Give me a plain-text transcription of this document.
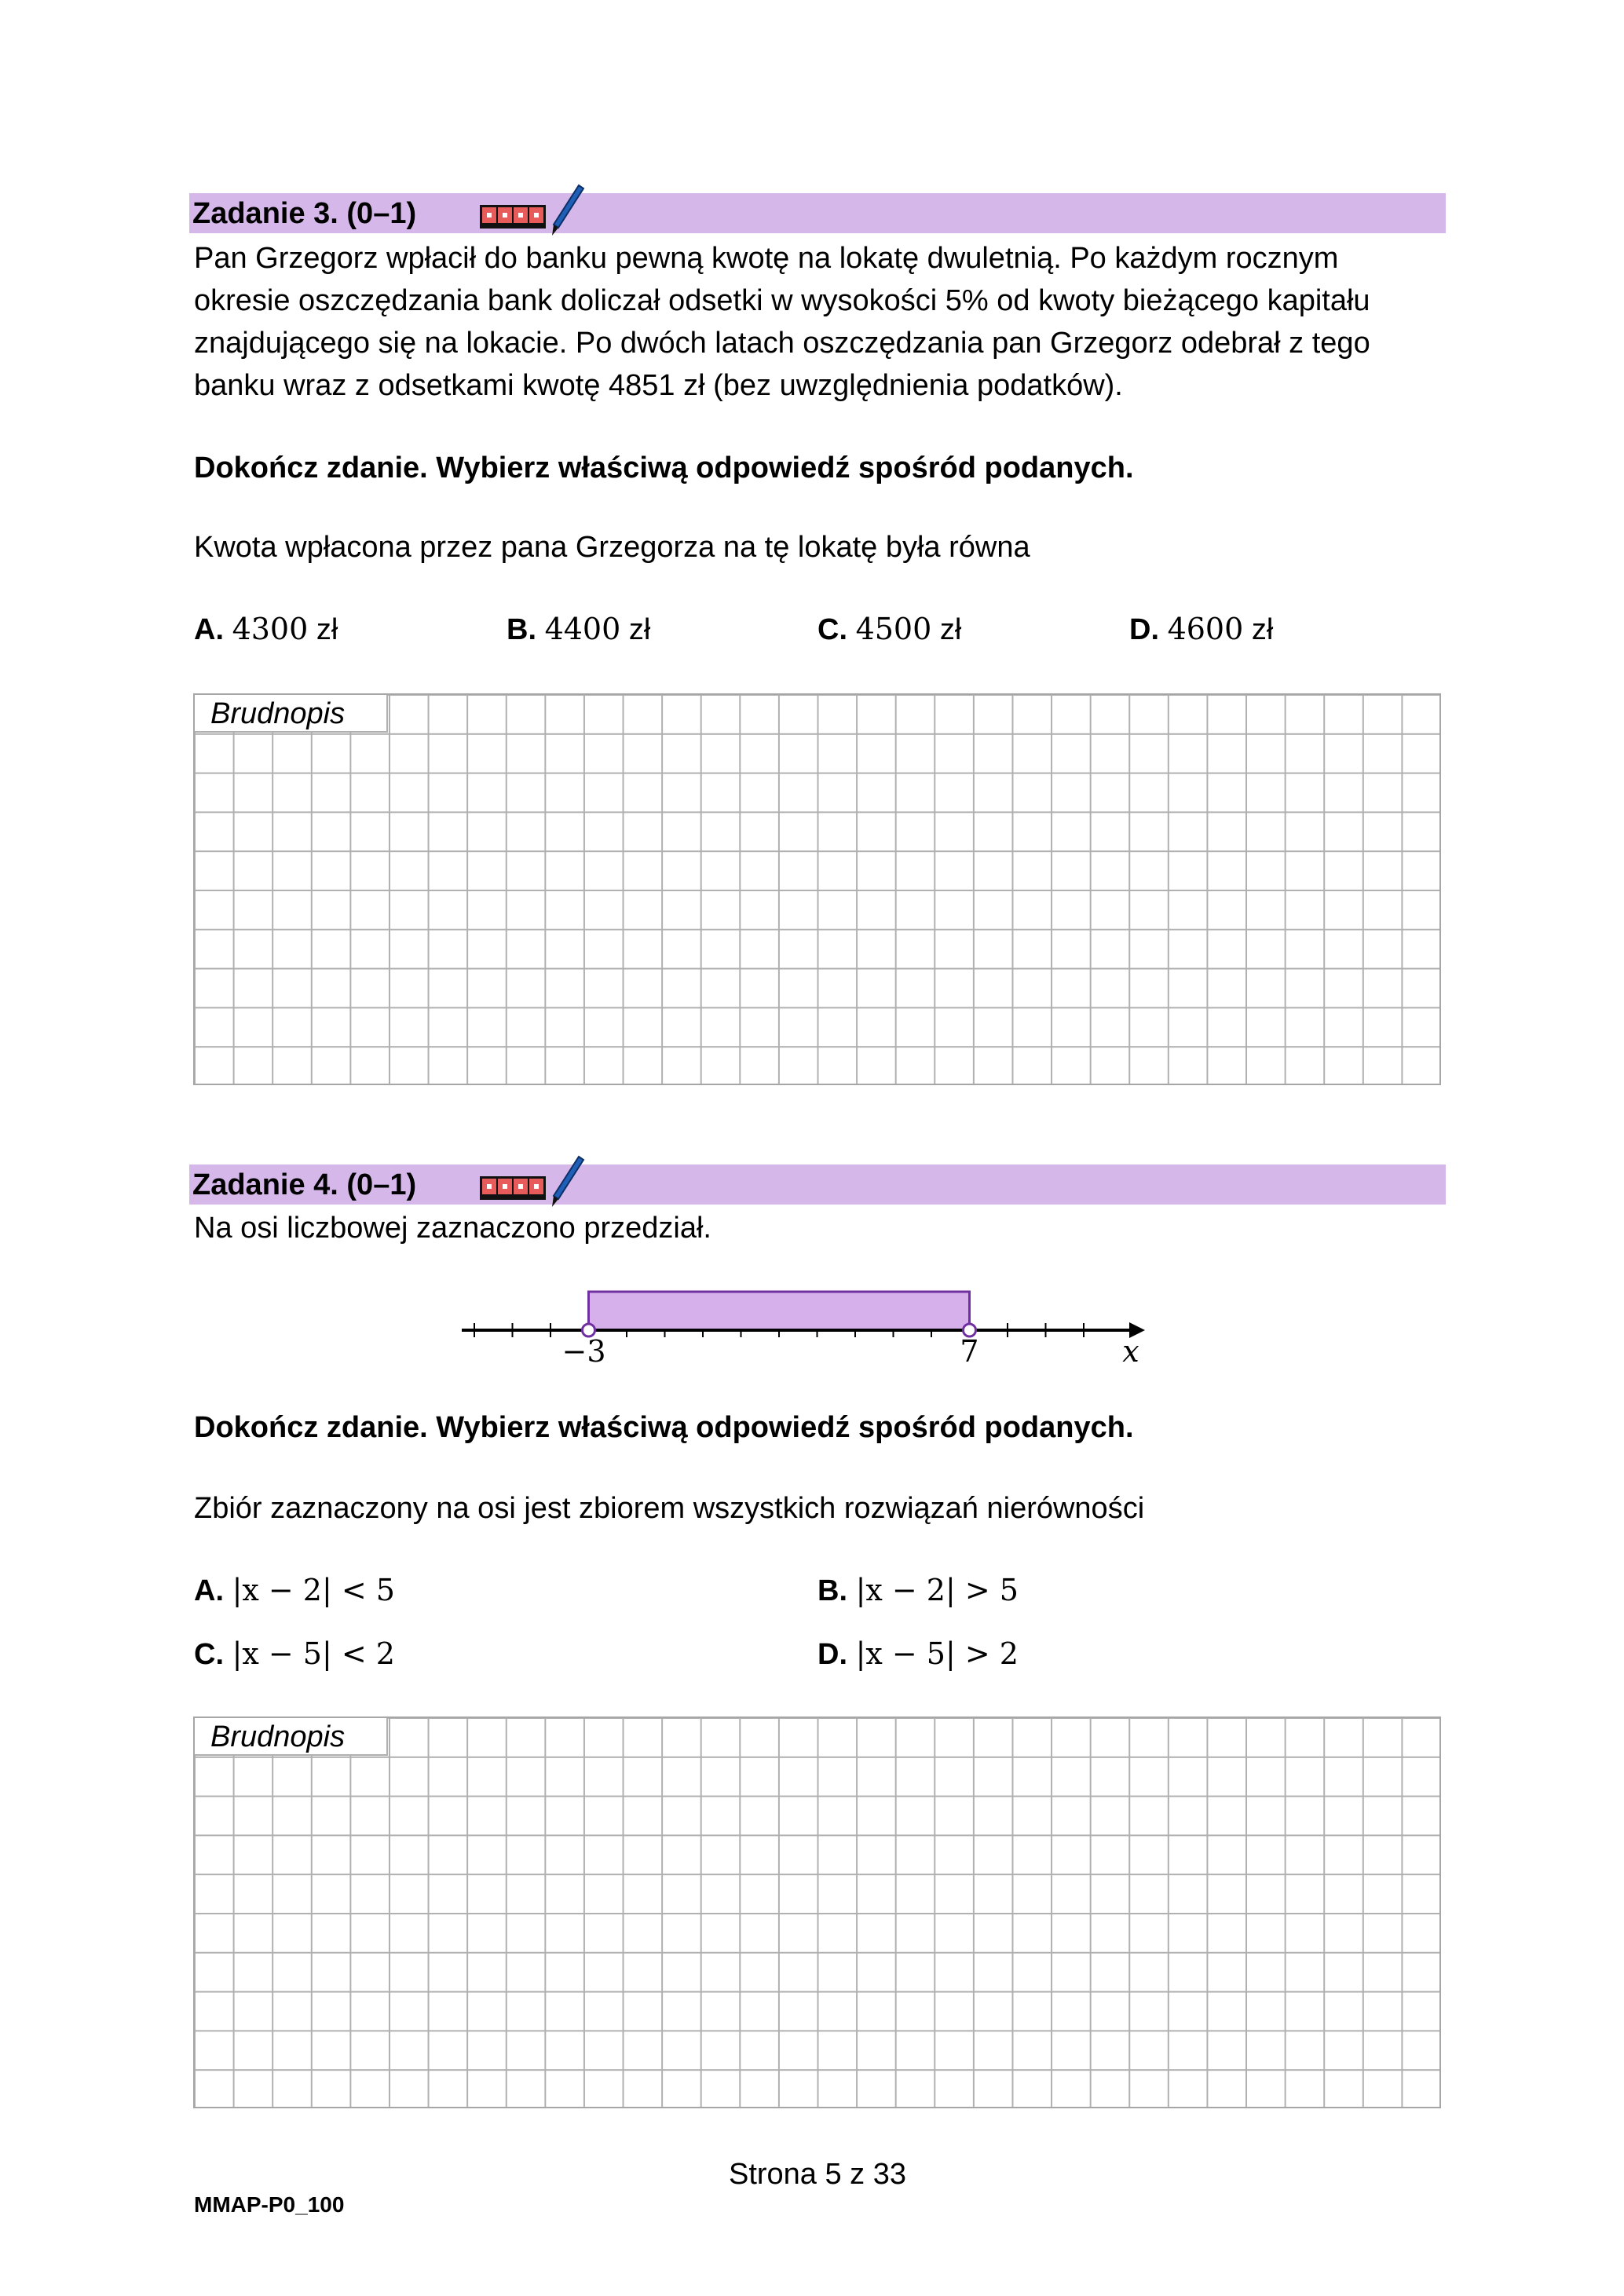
Zadanie 3. (0–1)
Pan Grzegorz wpłacił do banku pewną kwotę na lokatę dwuletnią. Po każdym rocznym
okresie oszczędzania bank doliczał odsetki w wysokości 5% od kwoty bieżącego kapitału
znajdującego się na lokacie. Po dwóch latach oszczędzania pan Grzegorz odebrał z tego
banku wraz z odsetkami kwotę 4851 zł (bez uwzględnienia podatków).
Dokończ zdanie. Wybierz właściwą odpowiedź spośród podanych.
Kwota wpłacona przez pana Grzegorza na tę lokatę była równa
A. 4300 zł	B. 4400 zł	C. 4500 zł	D. 4600 zł
Brudnopis
Zadanie 4. (0–1)
Na osi liczbowej zaznaczono przedział.
−3	7	x
Dokończ zdanie. Wybierz właściwą odpowiedź spośród podanych.
Zbiór zaznaczony na osi jest zbiorem wszystkich rozwiązań nierówności
A. |x − 2| < 5	B. |x − 2| > 5
C. |x − 5| < 2	D. |x − 5| > 2
Brudnopis
Strona 5 z 33
MMAP-P0_100
